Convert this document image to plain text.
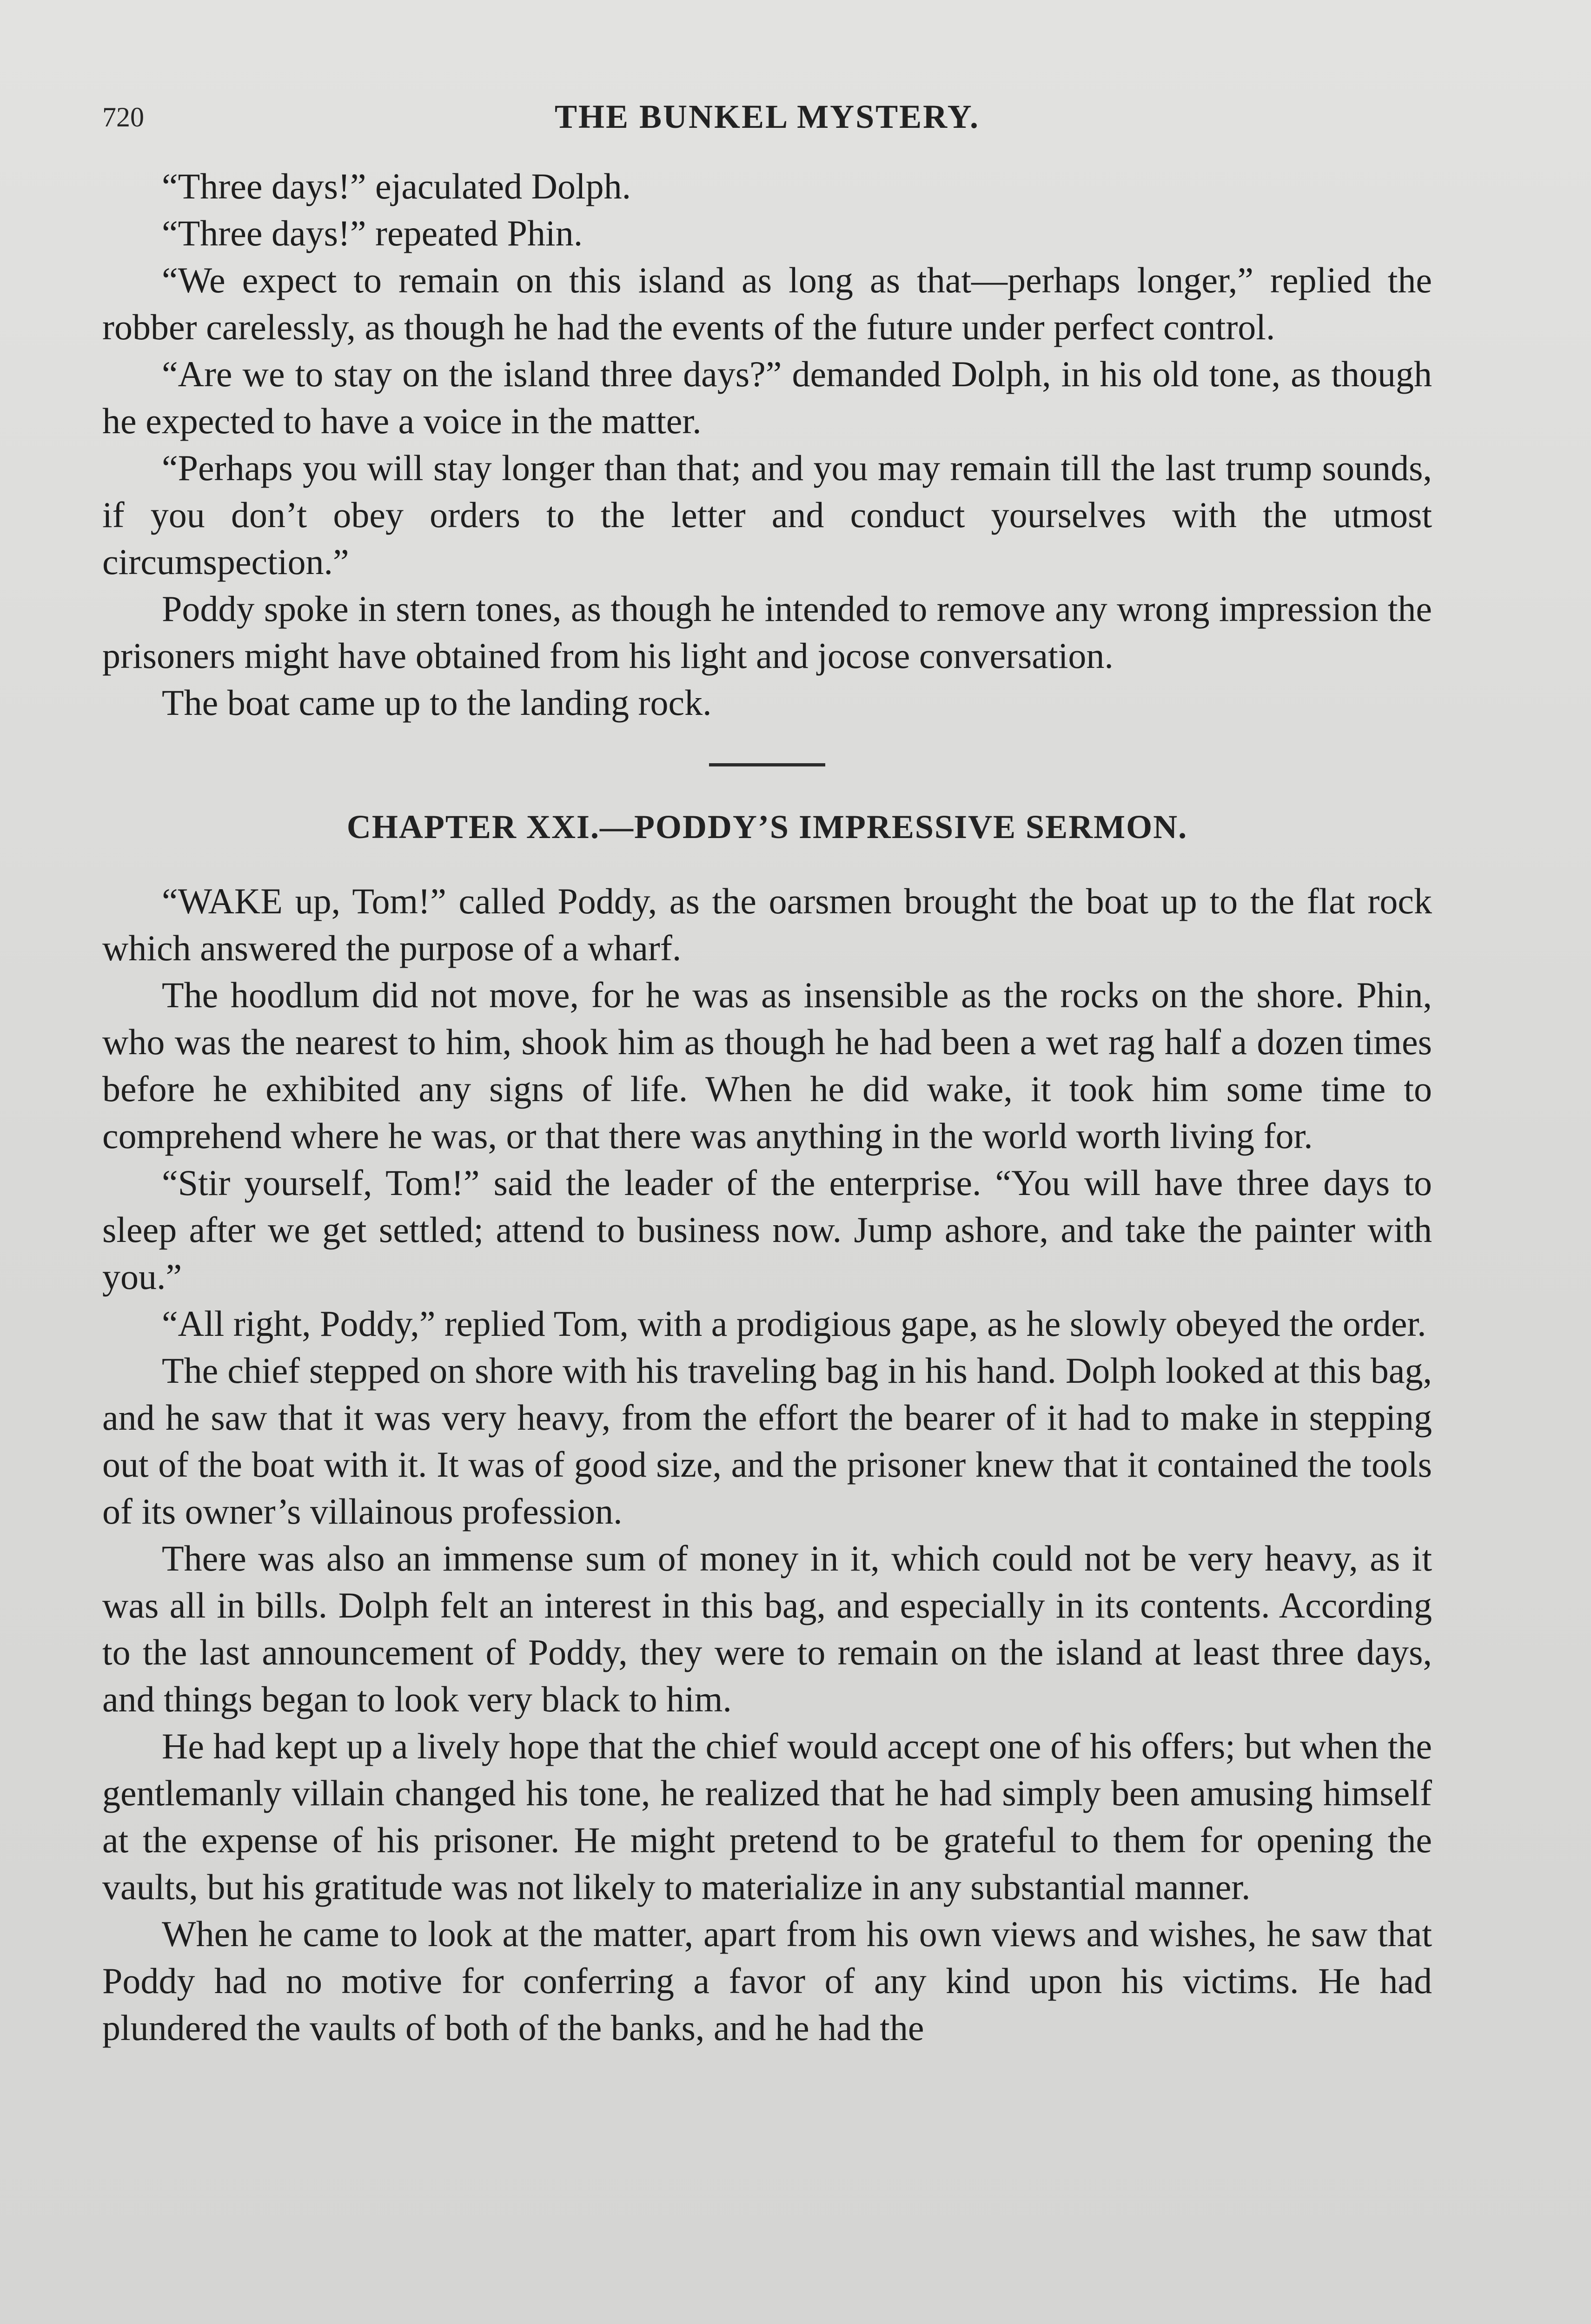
720	THE BUNKEL MYSTERY.

“Three days!” ejaculated Dolph.

“Three days!” repeated Phin.

“We expect to remain on this island as long as that—perhaps longer,” replied the robber carelessly, as though he had the events of the future under perfect control.

“Are we to stay on the island three days?” demanded Dolph, in his old tone, as though he expected to have a voice in the matter.

“Perhaps you will stay longer than that; and you may remain till the last trump sounds, if you don’t obey orders to the letter and conduct yourselves with the utmost circumspection.”

Poddy spoke in stern tones, as though he intended to remove any wrong impression the prisoners might have obtained from his light and jocose conversation.

The boat came up to the landing rock.

CHAPTER XXI.—PODDY’S IMPRESSIVE SERMON.

“WAKE up, Tom!” called Poddy, as the oarsmen brought the boat up to the flat rock which answered the purpose of a wharf.

The hoodlum did not move, for he was as insensible as the rocks on the shore. Phin, who was the nearest to him, shook him as though he had been a wet rag half a dozen times before he exhibited any signs of life. When he did wake, it took him some time to comprehend where he was, or that there was anything in the world worth living for.

“Stir yourself, Tom!” said the leader of the enterprise. “You will have three days to sleep after we get settled; attend to business now. Jump ashore, and take the painter with you.”

“All right, Poddy,” replied Tom, with a prodigious gape, as he slowly obeyed the order.

The chief stepped on shore with his traveling bag in his hand. Dolph looked at this bag, and he saw that it was very heavy, from the effort the bearer of it had to make in stepping out of the boat with it. It was of good size, and the prisoner knew that it contained the tools of its owner’s villainous profession.

There was also an immense sum of money in it, which could not be very heavy, as it was all in bills. Dolph felt an interest in this bag, and especially in its contents. According to the last announcement of Poddy, they were to remain on the island at least three days, and things began to look very black to him.

He had kept up a lively hope that the chief would accept one of his offers; but when the gentlemanly villain changed his tone, he realized that he had simply been amusing himself at the expense of his prisoner. He might pretend to be grateful to them for opening the vaults, but his gratitude was not likely to materialize in any substantial manner.

When he came to look at the matter, apart from his own views and wishes, he saw that Poddy had no motive for conferring a favor of any kind upon his victims. He had plundered the vaults of both of the banks, and he had the
